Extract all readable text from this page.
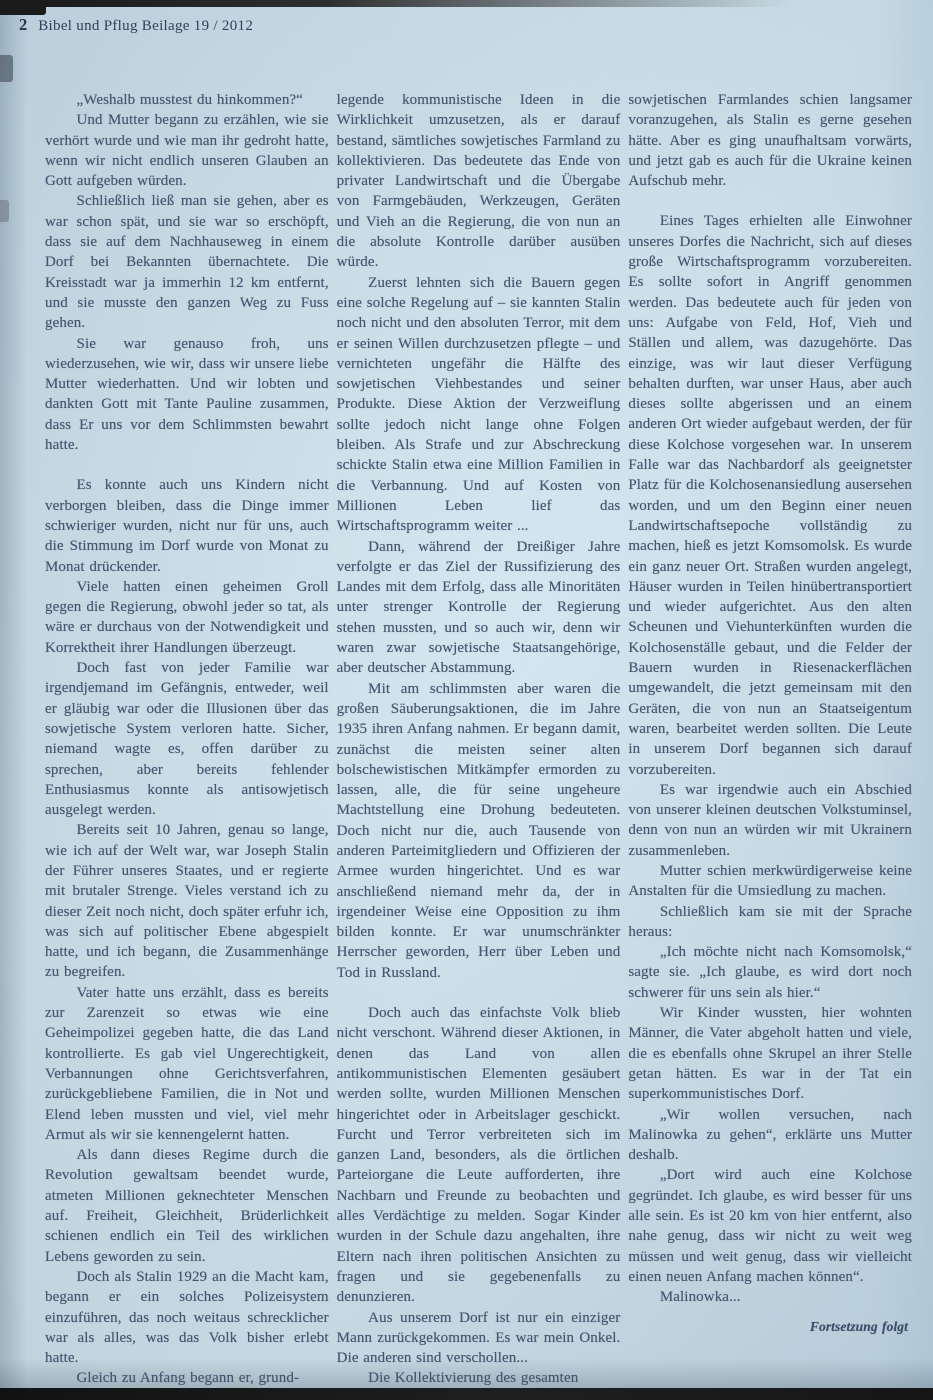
2 Bibel und Pflug Beilage 19 / 2012

„Weshalb musstest du hinkommen?“

Und Mutter begann zu erzählen, wie sie verhört wurde und wie man ihr gedroht hatte, wenn wir nicht endlich unseren Glauben an Gott aufgeben würden.

Schließlich ließ man sie gehen, aber es war schon spät, und sie war so erschöpft, dass sie auf dem Nachhauseweg in einem Dorf bei Bekannten übernachtete. Die Kreisstadt war ja immerhin 12 km entfernt, und sie musste den ganzen Weg zu Fuss gehen.

Sie war genauso froh, uns wiederzusehen, wie wir, dass wir unsere liebe Mutter wiederhatten. Und wir lobten und dankten Gott mit Tante Pauline zusammen, dass Er uns vor dem Schlimmsten bewahrt hatte.

Es konnte auch uns Kindern nicht verborgen bleiben, dass die Dinge immer schwieriger wurden, nicht nur für uns, auch die Stimmung im Dorf wurde von Monat zu Monat drückender.

Viele hatten einen geheimen Groll gegen die Regierung, obwohl jeder so tat, als wäre er durchaus von der Notwendigkeit und Korrektheit ihrer Handlungen überzeugt.

Doch fast von jeder Familie war irgendjemand im Gefängnis, entweder, weil er gläubig war oder die Illusionen über das sowjetische System verloren hatte. Sicher, niemand wagte es, offen darüber zu sprechen, aber bereits fehlender Enthusiasmus konnte als antisowjetisch ausgelegt werden.

Bereits seit 10 Jahren, genau so lange, wie ich auf der Welt war, war Joseph Stalin der Führer unseres Staates, und er regierte mit brutaler Strenge. Vieles verstand ich zu dieser Zeit noch nicht, doch später erfuhr ich, was sich auf politischer Ebene abgespielt hatte, und ich begann, die Zusammenhänge zu begreifen.

Vater hatte uns erzählt, dass es bereits zur Zarenzeit so etwas wie eine Geheimpolizei gegeben hatte, die das Land kontrollierte. Es gab viel Ungerechtigkeit, Verbannungen ohne Gerichtsverfahren, zurückgebliebene Familien, die in Not und Elend leben mussten und viel, viel mehr Armut als wir sie kennengelernt hatten.

Als dann dieses Regime durch die Revolution gewaltsam beendet wurde, atmeten Millionen geknechteter Menschen auf. Freiheit, Gleichheit, Brüderlichkeit schienen endlich ein Teil des wirklichen Lebens geworden zu sein.

Doch als Stalin 1929 an die Macht kam, begann er ein solches Polizeisystem einzuführen, das noch weitaus schrecklicher war als alles, was das Volk bisher erlebt hatte.

Gleich zu Anfang begann er, grund-

legende kommunistische Ideen in die Wirklichkeit umzusetzen, als er darauf bestand, sämtliches sowjetisches Farmland zu kollektivieren. Das bedeutete das Ende von privater Landwirtschaft und die Übergabe von Farmgebäuden, Werkzeugen, Geräten und Vieh an die Regierung, die von nun an die absolute Kontrolle darüber ausüben würde.

Zuerst lehnten sich die Bauern gegen eine solche Regelung auf – sie kannten Stalin noch nicht und den absoluten Terror, mit dem er seinen Willen durchzusetzen pflegte – und vernichteten ungefähr die Hälfte des sowjetischen Viehbestandes und seiner Produkte. Diese Aktion der Verzweiflung sollte jedoch nicht lange ohne Folgen bleiben. Als Strafe und zur Abschreckung schickte Stalin etwa eine Million Familien in die Verbannung. Und auf Kosten von Millionen Leben lief das Wirtschaftsprogramm weiter ...

Dann, während der Dreißiger Jahre verfolgte er das Ziel der Russifizierung des Landes mit dem Erfolg, dass alle Minoritäten unter strenger Kontrolle der Regierung stehen mussten, und so auch wir, denn wir waren zwar sowjetische Staatsangehörige, aber deutscher Abstammung.

Mit am schlimmsten aber waren die großen Säuberungsaktionen, die im Jahre 1935 ihren Anfang nahmen. Er begann damit, zunächst die meisten seiner alten bolschewistischen Mitkämpfer ermorden zu lassen, alle, die für seine ungeheure Machtstellung eine Drohung bedeuteten. Doch nicht nur die, auch Tausende von anderen Parteimitgliedern und Offizieren der Armee wurden hingerichtet. Und es war anschließend niemand mehr da, der in irgendeiner Weise eine Opposition zu ihm bilden konnte. Er war unumschränkter Herrscher geworden, Herr über Leben und Tod in Russland.

Doch auch das einfachste Volk blieb nicht verschont. Während dieser Aktionen, in denen das Land von allen antikommunistischen Elementen gesäubert werden sollte, wurden Millionen Menschen hingerichtet oder in Arbeitslager geschickt. Furcht und Terror verbreiteten sich im ganzen Land, besonders, als die örtlichen Parteiorgane die Leute aufforderten, ihre Nachbarn und Freunde zu beobachten und alles Verdächtige zu melden. Sogar Kinder wurden in der Schule dazu angehalten, ihre Eltern nach ihren politischen Ansichten zu fragen und sie gegebenenfalls zu denunzieren.

Aus unserem Dorf ist nur ein einziger Mann zurückgekommen. Es war mein Onkel. Die anderen sind verschollen...

Die Kollektivierung des gesamten

sowjetischen Farmlandes schien langsamer voranzugehen, als Stalin es gerne gesehen hätte. Aber es ging unaufhaltsam vorwärts, und jetzt gab es auch für die Ukraine keinen Aufschub mehr.

Eines Tages erhielten alle Einwohner unseres Dorfes die Nachricht, sich auf dieses große Wirtschaftsprogramm vorzubereiten. Es sollte sofort in Angriff genommen werden. Das bedeutete auch für jeden von uns: Aufgabe von Feld, Hof, Vieh und Ställen und allem, was dazugehörte. Das einzige, was wir laut dieser Verfügung behalten durften, war unser Haus, aber auch dieses sollte abgerissen und an einem anderen Ort wieder aufgebaut werden, der für diese Kolchose vorgesehen war. In unserem Falle war das Nachbardorf als geeignetster Platz für die Kolchosenansiedlung ausersehen worden, und um den Beginn einer neuen Landwirtschaftsepoche vollständig zu machen, hieß es jetzt Komsomolsk. Es wurde ein ganz neuer Ort. Straßen wurden angelegt, Häuser wurden in Teilen hinübertransportiert und wieder aufgerichtet. Aus den alten Scheunen und Viehunterkünften wurden die Kolchosenställe gebaut, und die Felder der Bauern wurden in Riesenackerflächen umgewandelt, die jetzt gemeinsam mit den Geräten, die von nun an Staatseigentum waren, bearbeitet werden sollten. Die Leute in unserem Dorf begannen sich darauf vorzubereiten.

Es war irgendwie auch ein Abschied von unserer kleinen deutschen Volkstuminsel, denn von nun an würden wir mit Ukrainern zusammenleben.

Mutter schien merkwürdigerweise keine Anstalten für die Umsiedlung zu machen.

Schließlich kam sie mit der Sprache heraus:

„Ich möchte nicht nach Komsomolsk,“ sagte sie. „Ich glaube, es wird dort noch schwerer für uns sein als hier.“

Wir Kinder wussten, hier wohnten Männer, die Vater abgeholt hatten und viele, die es ebenfalls ohne Skrupel an ihrer Stelle getan hätten. Es war in der Tat ein superkommunistisches Dorf.

„Wir wollen versuchen, nach Malinowka zu gehen“, erklärte uns Mutter deshalb.

„Dort wird auch eine Kolchose gegründet. Ich glaube, es wird besser für uns alle sein. Es ist 20 km von hier entfernt, also nahe genug, dass wir nicht zu weit weg müssen und weit genug, dass wir vielleicht einen neuen Anfang machen können“.

Malinowka...

Fortsetzung folgt
